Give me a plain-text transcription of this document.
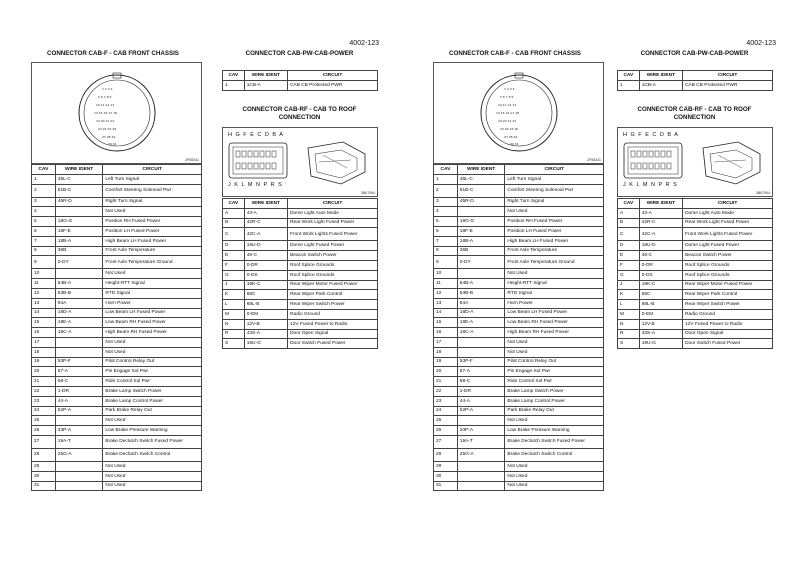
4002-123
CONNECTOR CAB-F - CAB FRONT CHASSIS
1 2 3 4
5 6 7 8 9
10 11 12 13
14 15 16 17 18
19 20 21 22
23 24 25 26
27 28 29
30 31
2F58341
CAV	WIRE IDENT	CIRCUIT
1	45L-C	Left Turn Signal
2	51B-C	Comfort Steering Solenoid Pwr
3	45R-D	Right Turn Signal
4		Not Used
5	18G-G	Position RH Fused Power
6	18F-E	Position LH Fused Power
7	18B-A	High Beam LH Fused Power
8	36B	Front Axle Temperature
9	0-DY	Front Axle Temperature Ground
10		Not Used
11	54B-A	Height-RTT Signal
12	53B-B	RTD Signal
13	64A	Horn Power
14	18D-A	Low Beam LH Fused Power
15	18E-A	Low Beam RH Fused Power
16	18C-A	High Beam RH Fused Power
17		Not Used
18		Not Used
19	53P-F	Pilot Control Relay Out
20	57-A	Pin Engage Sol Pwr
21	58-C	Ride Control Sol Pwr
22	1-DR	Brake Lamp Switch Power
23	44-A	Brake Lamp Control Power
24	52P-A	Park Brake Relay Out
25		Not Used
26	33P-A	Low Brake Pressure Warning
27	19A-T	Brake Declutch Switch Fused Power
28	25G-A	Brake Declutch Switch Control
29		Not Used
30		Not Used
31		Not Used
CONNECTOR CAB-PW-CAB-POWER
CAV	WIRE IDENT	CIRCUIT
1	1CB-A	CAB CB Protected PWR
CONNECTOR CAB-RF - CAB TO ROOF
CONNECTION
H G F E C D B A
J K L M N P R S
3B67064
CAV	WIRE IDENT	CIRCUIT
A	43-A	Dome Light Auto Mode
B	42R-C	Rear Work Light Fused Power
C	42C-A	Front Work Lights Fused Power
D	19U-D	Dome Light Fused Power
E	46-C	Beacon Switch Power
F	0-DR	Roof Splice Grounds
G	0-DS	Roof Splice Grounds
J	19K-C	Rear Wiper Motor Fused Power
K	68C	Rear Wiper Park Control
L	68L-B	Rear Wiper Switch Power
M	0-EM	Radio Ground
N	12V-B	12V Fused Power to Radio
R	43S-A	Door Open Signal
S	19U-G	Door Switch Fused Power
4002-123
CONNECTOR CAB-F - CAB FRONT CHASSIS
1 2 3 4
5 6 7 8 9
10 11 12 13
14 15 16 17 18
19 20 21 22
23 24 25 26
27 28 29
30 31
2F58341
CAV	WIRE IDENT	CIRCUIT
1	45L-C	Left Turn Signal
2	51B-C	Comfort Steering Solenoid Pwr
3	45R-D	Right Turn Signal
4		Not Used
5	18G-G	Position RH Fused Power
6	18F-E	Position LH Fused Power
7	18B-A	High Beam LH Fused Power
8	36B	Front Axle Temperature
9	0-DY	Front Axle Temperature Ground
10		Not Used
11	54B-A	Height-RTT Signal
12	53B-B	RTD Signal
13	64A	Horn Power
14	18D-A	Low Beam LH Fused Power
15	18E-A	Low Beam RH Fused Power
16	18C-A	High Beam RH Fused Power
17		Not Used
18		Not Used
19	53P-F	Pilot Control Relay Out
20	57-A	Pin Engage Sol Pwr
21	58-C	Ride Control Sol Pwr
22	1-DR	Brake Lamp Switch Power
23	44-A	Brake Lamp Control Power
24	52P-A	Park Brake Relay Out
25		Not Used
26	33P-A	Low Brake Pressure Warning
27	19A-T	Brake Declutch Switch Fused Power
28	25G-A	Brake Declutch Switch Control
29		Not Used
30		Not Used
31		Not Used
CONNECTOR CAB-PW-CAB-POWER
CAV	WIRE IDENT	CIRCUIT
1	1CB-A	CAB CB Protected PWR
CONNECTOR CAB-RF - CAB TO ROOF
CONNECTION
H G F E C D B A
J K L M N P R S
3B67064
CAV	WIRE IDENT	CIRCUIT
A	43-A	Dome Light Auto Mode
B	42R-C	Rear Work Light Fused Power
C	42C-A	Front Work Lights Fused Power
D	19U-D	Dome Light Fused Power
E	46-C	Beacon Switch Power
F	0-DR	Roof Splice Grounds
G	0-DS	Roof Splice Grounds
J	19K-C	Rear Wiper Motor Fused Power
K	68C	Rear Wiper Park Control
L	68L-B	Rear Wiper Switch Power
M	0-EM	Radio Ground
N	12V-B	12V Fused Power to Radio
R	43S-A	Door Open Signal
S	19U-G	Door Switch Fused Power
